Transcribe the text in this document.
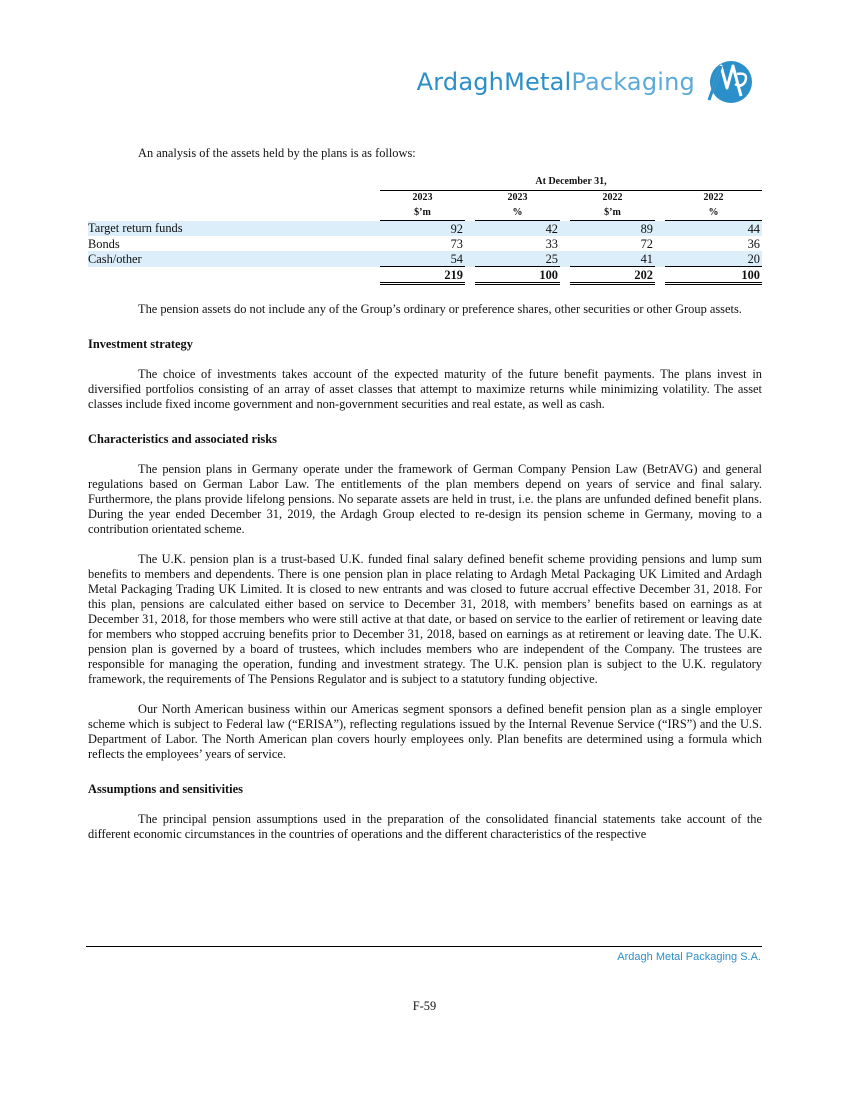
ArdaghMetalPackaging

An analysis of the assets held by the plans is as follows:

	At December 31,						
	2023		2023		2022		2022
	$’m		%		$’m		%
Target return funds	92		42		89		44
Bonds	73		33		72		36
Cash/other	54		25		41		20
	219		100		202		100

The pension assets do not include any of the Group’s ordinary or preference shares, other securities or other Group assets.

Investment strategy

The choice of investments takes account of the expected maturity of the future benefit payments. The plans invest in diversified portfolios consisting of an array of asset classes that attempt to maximize returns while minimizing volatility. The asset classes include fixed income government and non-government securities and real estate, as well as cash.

Characteristics and associated risks

The pension plans in Germany operate under the framework of German Company Pension Law (BetrAVG) and general regulations based on German Labor Law. The entitlements of the plan members depend on years of service and final salary. Furthermore, the plans provide lifelong pensions. No separate assets are held in trust, i.e. the plans are unfunded defined benefit plans. During the year ended December 31, 2019, the Ardagh Group elected to re-design its pension scheme in Germany, moving to a contribution orientated scheme.

The U.K. pension plan is a trust-based U.K. funded final salary defined benefit scheme providing pensions and lump sum benefits to members and dependents. There is one pension plan in place relating to Ardagh Metal Packaging UK Limited and Ardagh Metal Packaging Trading UK Limited. It is closed to new entrants and was closed to future accrual effective December 31, 2018. For this plan, pensions are calculated either based on service to December 31, 2018, with members’ benefits based on earnings as at December 31, 2018, for those members who were still active at that date, or based on service to the earlier of retirement or leaving date for members who stopped accruing benefits prior to December 31, 2018, based on earnings as at retirement or leaving date. The U.K. pension plan is governed by a board of trustees, which includes members who are independent of the Company. The trustees are responsible for managing the operation, funding and investment strategy. The U.K. pension plan is subject to the U.K. regulatory framework, the requirements of The Pensions Regulator and is subject to a statutory funding objective.

Our North American business within our Americas segment sponsors a defined benefit pension plan as a single employer scheme which is subject to Federal law (“ERISA”), reflecting regulations issued by the Internal Revenue Service (“IRS”) and the U.S. Department of Labor. The North American plan covers hourly employees only. Plan benefits are determined using a formula which reflects the employees’ years of service.

Assumptions and sensitivities

The principal pension assumptions used in the preparation of the consolidated financial statements take account of the different economic circumstances in the countries of operations and the different characteristics of the respective

Ardagh Metal Packaging S.A.
F-59
